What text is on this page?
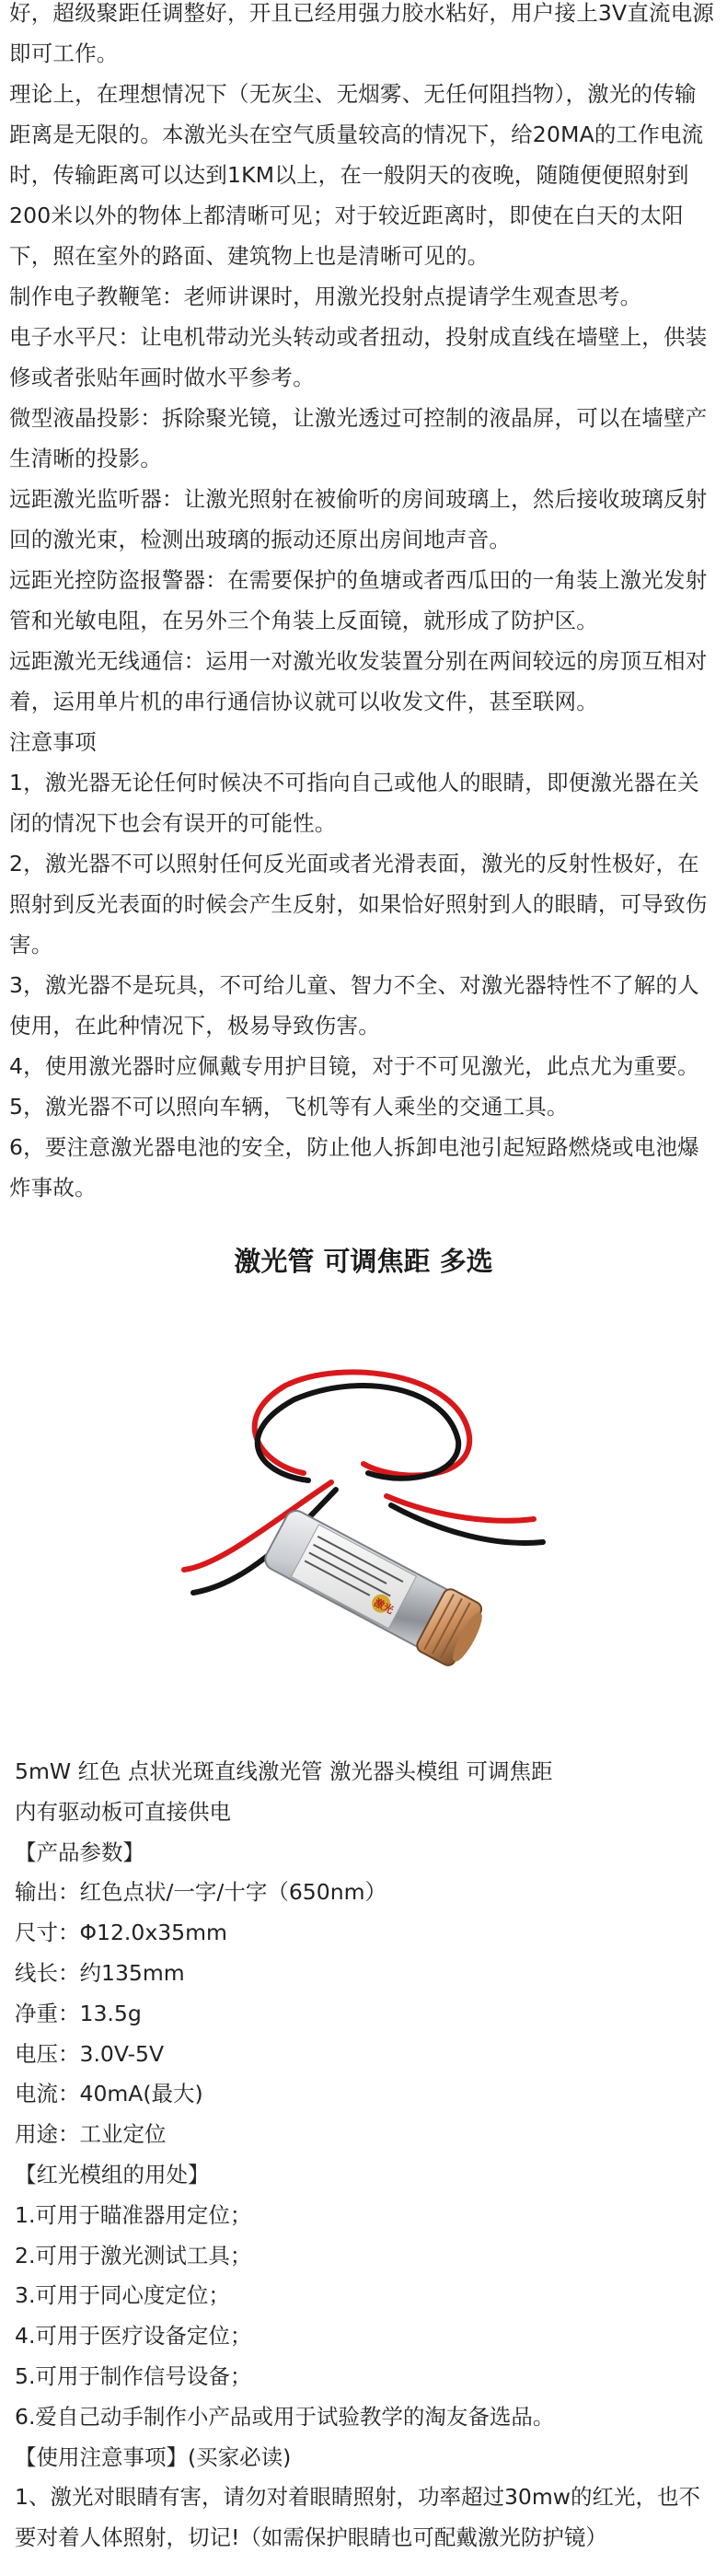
好，超级聚距任调整好，开且已经用强力胶水粘好，用户接上3V直流电源即可工作。

理论上，在理想情况下（无灰尘、无烟雾、无任何阻挡物），激光的传输距离是无限的。本激光头在空气质量较高的情况下，给20MA的工作电流时，传输距离可以达到1KM以上，在一般阴天的夜晚，随随便便照射到200米以外的物体上都清晰可见；对于较近距离时，即使在白天的太阳下，照在室外的路面、建筑物上也是清晰可见的。

制作电子教鞭笔：老师讲课时，用激光投射点提请学生观查思考。

电子水平尺：让电机带动光头转动或者扭动，投射成直线在墙壁上，供装修或者张贴年画时做水平参考。

微型液晶投影：拆除聚光镜，让激光透过可控制的液晶屏，可以在墙壁产生清晰的投影。

远距激光监听器：让激光照射在被偷听的房间玻璃上，然后接收玻璃反射回的激光束，检测出玻璃的振动还原出房间地声音。

远距光控防盗报警器：在需要保护的鱼塘或者西瓜田的一角装上激光发射管和光敏电阻，在另外三个角装上反面镜，就形成了防护区。

远距激光无线通信：运用一对激光收发装置分别在两间较远的房顶互相对着，运用单片机的串行通信协议就可以收发文件，甚至联网。

注意事项

1，激光器无论任何时候决不可指向自己或他人的眼睛，即便激光器在关闭的情况下也会有误开的可能性。

2，激光器不可以照射任何反光面或者光滑表面，激光的反射性极好，在照射到反光表面的时候会产生反射，如果恰好照射到人的眼睛，可导致伤害。

3，激光器不是玩具，不可给儿童、智力不全、对激光器特性不了解的人使用，在此种情况下，极易导致伤害。

4，使用激光器时应佩戴专用护目镜，对于不可见激光，此点尤为重要。

5，激光器不可以照向车辆，飞机等有人乘坐的交通工具。

6，要注意激光器电池的安全，防止他人拆卸电池引起短路燃烧或电池爆炸事故。

激光管 可调焦距 多选
激光

5mW 红色 点状光斑直线激光管 激光器头模组 可调焦距

内有驱动板可直接供电

【产品参数】

输出：红色点状/一字/十字（650nm）

尺寸：Φ12.0x35mm

线长：约135mm

净重：13.5g

电压：3.0V-5V

电流：40mA(最大)

用途：工业定位

【红光模组的用处】

1.可用于瞄准器用定位；

2.可用于激光测试工具；

3.可用于同心度定位；

4.可用于医疗设备定位；

5.可用于制作信号设备；

6.爱自己动手制作小产品或用于试验教学的淘友备选品。

【使用注意事项】(买家必读)

1、激光对眼睛有害，请勿对着眼睛照射，功率超过30mw的红光，也不要对着人体照射，切记!（如需保护眼睛也可配戴激光防护镜）
